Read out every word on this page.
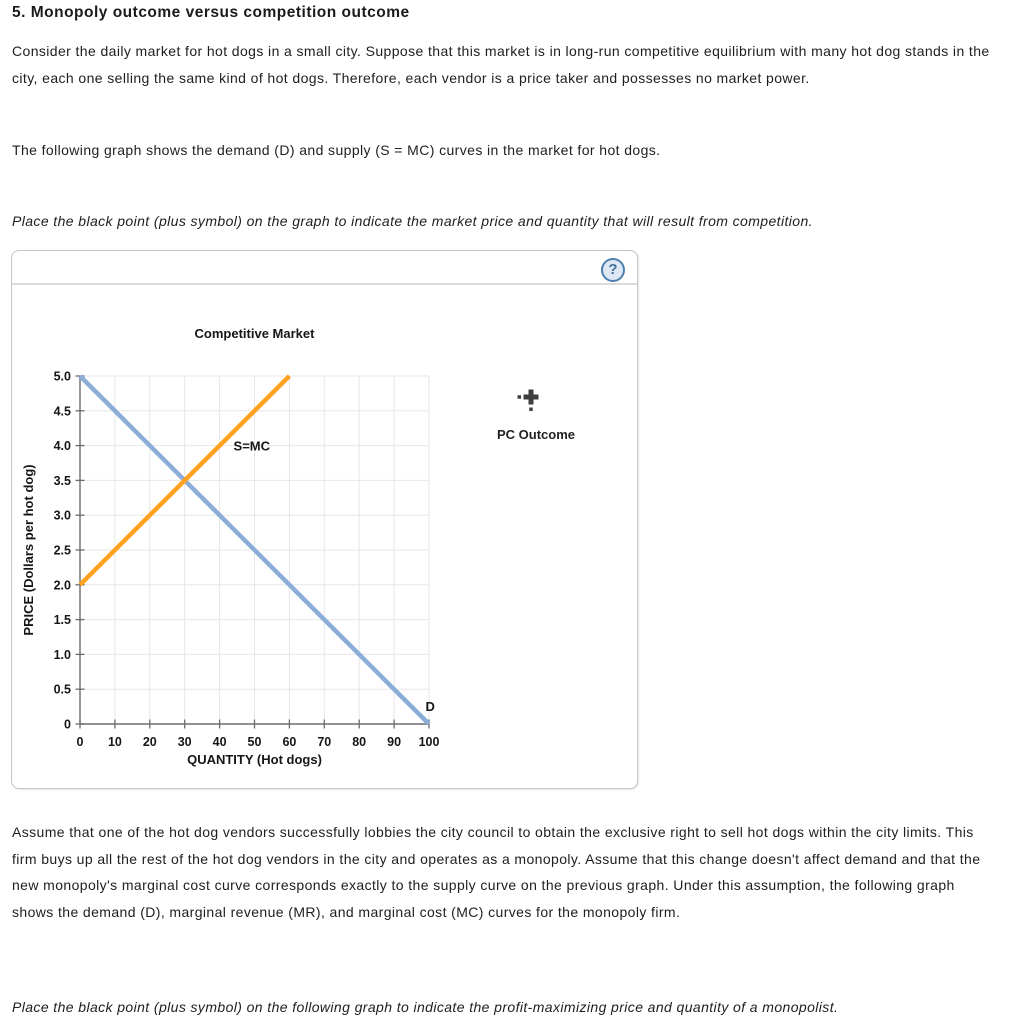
5. Monopoly outcome versus competition outcome
Consider the daily market for hot dogs in a small city. Suppose that this market is in long-run competitive equilibrium with many hot dog stands in the city, each one selling the same kind of hot dogs. Therefore, each vendor is a price taker and possesses no market power.
The following graph shows the demand (D) and supply (S = MC) curves in the market for hot dogs.
Place the black point (plus symbol) on the graph to indicate the market price and quantity that will result from competition.
?
0
0.5
1.0
1.5
2.0
2.5
3.0
3.5
4.0
4.5
5.0
0 10 20 30 40 50 60 70 80 90 100
D
S=MC
Competitive Market
QUANTITY (Hot dogs)
PRICE (Dollars per hot dog)
PC Outcome
Assume that one of the hot dog vendors successfully lobbies the city council to obtain the exclusive right to sell hot dogs within the city limits. This firm buys up all the rest of the hot dog vendors in the city and operates as a monopoly. Assume that this change doesn't affect demand and that the new monopoly's marginal cost curve corresponds exactly to the supply curve on the previous graph. Under this assumption, the following graph shows the demand (D), marginal revenue (MR), and marginal cost (MC) curves for the monopoly firm.
Place the black point (plus symbol) on the following graph to indicate the profit-maximizing price and quantity of a monopolist.
